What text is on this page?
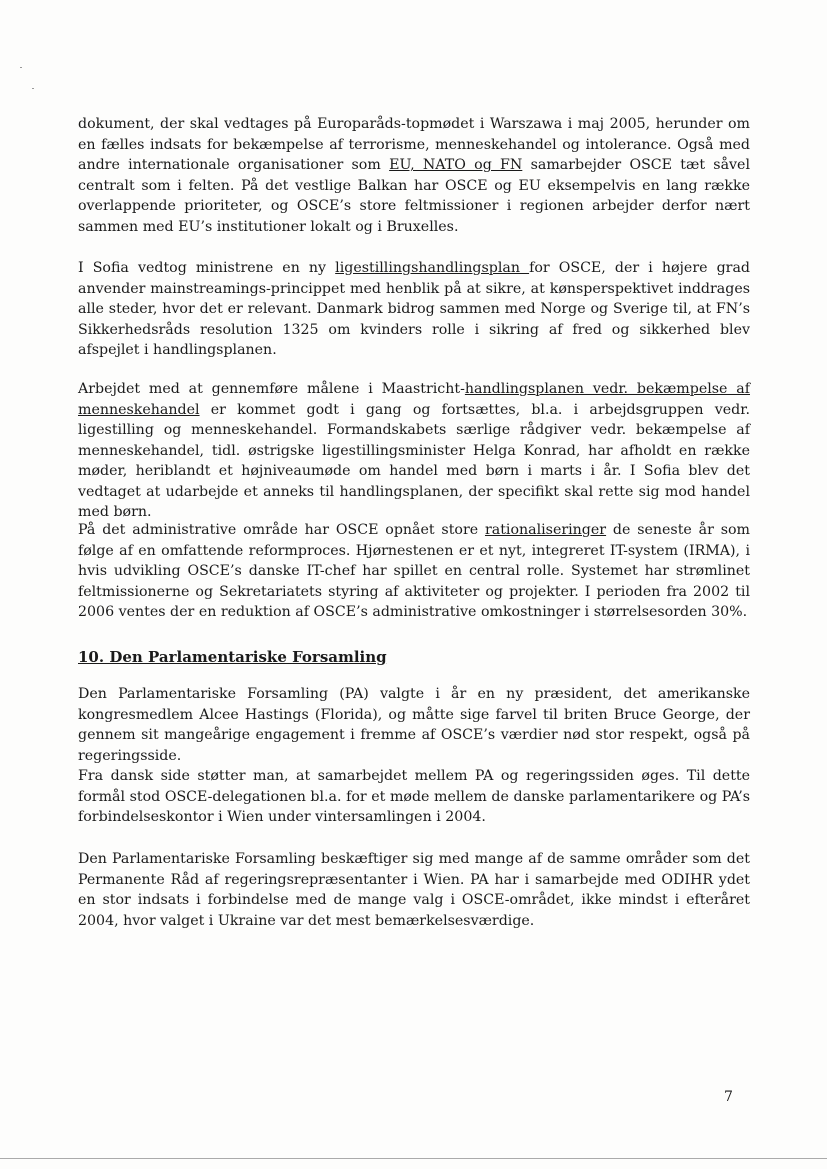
dokument, der skal vedtages på Europaråds-topmødet i Warszawa i maj 2005, herunder om en fælles indsats for bekæmpelse af terrorisme, menneskehandel og intolerance. Også med andre internationale organisationer som EU, NATO og FN samarbejder OSCE tæt såvel centralt som i felten. På det vestlige Balkan har OSCE og EU eksempelvis en lang række overlappende prioriteter, og OSCE’s store feltmissioner i regionen arbejder derfor nært sammen med EU’s institutioner lokalt og i Bruxelles.

I Sofia vedtog ministrene en ny ligestillingshandlingsplan for OSCE, der i højere grad anvender mainstreamings-princippet med henblik på at sikre, at kønsperspektivet inddrages alle steder, hvor det er relevant. Danmark bidrog sammen med Norge og Sverige til, at FN’s Sikkerhedsråds resolution 1325 om kvinders rolle i sikring af fred og sikkerhed blev afspejlet i handlingsplanen.

Arbejdet med at gennemføre målene i Maastricht-handlingsplanen vedr. bekæmpelse af menneskehandel er kommet godt i gang og fortsættes, bl.a. i arbejdsgruppen vedr. ligestilling og menneskehandel. Formandskabets særlige rådgiver vedr. bekæmpelse af menneskehandel, tidl. østrigske ligestillingsminister Helga Konrad, har afholdt en række møder, heriblandt et højniveaumøde om handel med børn i marts i år. I Sofia blev det vedtaget at udarbejde et anneks til handlingsplanen, der specifikt skal rette sig mod handel med børn.

På det administrative område har OSCE opnået store rationaliseringer de seneste år som følge af en omfattende reformproces. Hjørnestenen er et nyt, integreret IT-system (IRMA), i hvis udvikling OSCE’s danske IT-chef har spillet en central rolle. Systemet har strømlinet feltmissionerne og Sekretariatets styring af aktiviteter og projekter. I perioden fra 2002 til 2006 ventes der en reduktion af OSCE’s administrative omkostninger i størrelsesorden 30%.

10. Den Parlamentariske Forsamling

Den Parlamentariske Forsamling (PA) valgte i år en ny præsident, det amerikanske kongresmedlem Alcee Hastings (Florida), og måtte sige farvel til briten Bruce George, der gennem sit mangeårige engagement i fremme af OSCE’s værdier nød stor respekt, også på regeringsside.

Fra dansk side støtter man, at samarbejdet mellem PA og regeringssiden øges. Til dette formål stod OSCE-delegationen bl.a. for et møde mellem de danske parlamentarikere og PA’s forbindelseskontor i Wien under vintersamlingen i 2004.

Den Parlamentariske Forsamling beskæftiger sig med mange af de samme områder som det Permanente Råd af regeringsrepræsentanter i Wien. PA har i samarbejde med ODIHR ydet en stor indsats i forbindelse med de mange valg i OSCE-området, ikke mindst i efteråret 2004, hvor valget i Ukraine var det mest bemærkelsesværdige.

7
